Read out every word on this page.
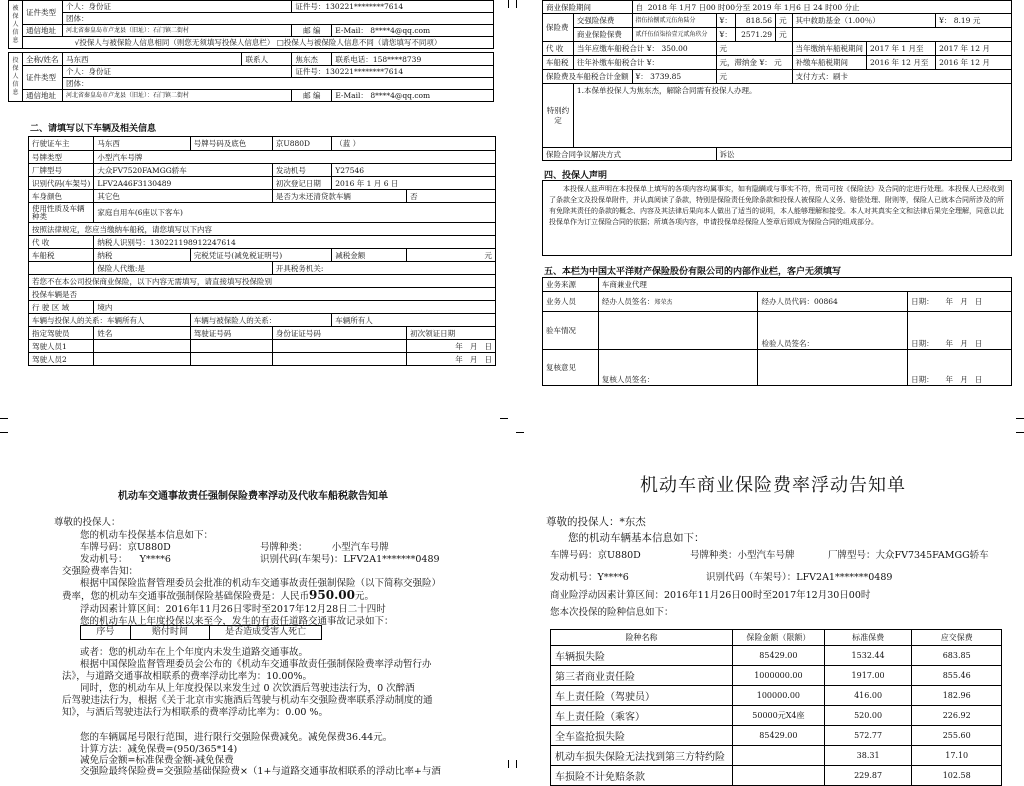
被保人信息	证件类型	个人：身份证	证件号：130221********7614	
		团体：		
	通信地址	河北省秦皇岛市卢龙县（旧址）：石门镇二街村	邮 编	E-Mail： 8****4@qq.com
	√投保人与被保险人信息相同（则您无须填写投保人信息栏） □投保人与被保险人信息不同（请您填写不同项）			
投保人信息	全称/姓名	马东西	联系人	焦东杰	联系电话：158****8739
	证件类型	个人：身份证		证件号：130221********7614	
		团体：			
	通信地址	河北省秦皇岛市卢龙县（旧址）：石门镇二街村		邮 编	E-Mail： 8****4@qq.com
二、请填写以下车辆及相关信息
行驶证车主	马东西	号牌号码及底色	京U880D	（蓝 ）	
号牌类型	小型汽车号牌				
厂牌型号	大众FV7520FAMGG轿车		发动机号	Y27546	
识别代码(车架号)	LFV2A46F3130489		初次登记日期	2016 年 1 月 6 日	
车身颜色	其它色		是否为未还清贷款车辆		否
使用性质及车辆种类	家庭自用车(6座以下客车)				
按照法律规定，您应当缴纳车船税，请您填写以下内容					
代 收	纳税人识别号：130221198912247614				
车船税	纳税	完税凭证号(减免税证明号)		减税金额	元
	保险人代缴:是		开具税务机关:		
若您不在本公司投保商业保险，以下内容无需填写，请直接填写投保险别					
投保车辆是否					
行 驶 区 域	境内				
车辆与投保人的关系：车辆所有人		车辆与被保险人的关系：		车辆所有人	
指定驾驶员	姓名	驾驶证号码	身份证证号码		初次领证日期
驾驶人员1					年 月 日
驾驶人员2					年 月 日
商业保险期间		自 2018 年 1月7 日00 时00分至 2019 年 1月6 日 24 时00 分止						
保险费	交强险保费	指伍拾捌贰元伍角陆分	¥：	818.56	元	其中救助基金（1.00％）		¥： 8.19 元
	商业保险保费	贰仟伍佰柒拾壹元贰角玖分	¥：	2571.29	元			
代 收	当年应缴车船税合计 ¥： 350.00		元			当年缴纳车船税期间	2017 年 1 月至	2017 年 12 月
车船税	往年补缴车船税合计 ¥：		元，滞纳金 ¥： 元			补缴车船税期间	2016 年 12 月至	2016 年 12 月
保险费及车船税合计金额		¥： 3739.85	元			支付方式：刷卡		
特别约定	1.本保单投保人为焦东杰，解除合同需有投保人办理。							
保险合同争议解决方式			诉讼					
四、投保人声明
本投保人兹声明在本投保单上填写的各项内容均属事实，如有隐瞒或与事实不符，贵司可按《保险法》及合同的定进行处理。本投保人已经收到了条款全文及投保单附件，并认真阅读了条款，特别是保险责任免除条款和投保人被保险人义务、赔偿处理、附则等，保险人已就本合同所涉及的所有免除其责任的条款的概念、内容及其法律后果向本人做出了适当的说明，本人能够理解和接受。本人对其真实全文和法律后果完全理解，同意以此投保单作为订立保险合同的依据；所填各项内容，申请投保单经保险人签章后即成为保险合同的组成部分。
五、本栏为中国太平洋财产保险股份有限公司的内部作业栏，客户无须填写
业务来源	车商兼业代理		
业务人员	经办人员签名：郑荣杰	经办人员代码：00864	日期： 年 月 日
验车情况		检验人员签名：	日期： 年 月 日
复核意见	复核人员签名：		日期： 年 月 日
机动车交通事故责任强制保险费率浮动及代收车船税款告知单
尊敬的投保人：
您的机动车投保基本信息如下：
车牌号码：京U880D	号牌种类：	小型汽车号牌
发动机号： Y****6	识别代码(车架号)：LFV2A1*******0489
交强险费率告知：
根据中国保险监督管理委员会批准的机动车交通事故责任强制保险（以下简称交强险）
费率，您的机动车交通事故强制保险基础保险费是：人民币950.00元。
浮动因素计算区间：2016年11月26日零时至2017年12月28日二十四时
您的机动车从上年度投保以来至今，发生的有责任道路交通事故记录如下：
序号	赔付时间	是否造成受害人死亡
或者：您的机动车在上个年度内未发生道路交通事故。
根据中国保险监督管理委员会公布的《机动车交通事故责任强制保险费率浮动暂行办
法》，与道路交通事故相联系的费率浮动比率为：10.00%。
同时，您的机动车从上年度投保以来发生过 0 次饮酒后驾驶违法行为，0 次醉酒
后驾驶违法行为，根据《关于北京市实施酒后驾驶与机动车交强险费率联系浮动制度的通
知》，与酒后驾驶违法行为相联系的费率浮动比率为：0.00 %。
您的车辆属尾号限行范围，进行限行交强险保费减免。减免保费36.44元。
计算方法：减免保费=(950/365*14)
减免后金额=标准保费金额-减免保费
交强险最终保险费=交强险基础保险费×（1+与道路交通事故相联系的浮动比率+与酒
机动车商业保险费率浮动告知单
尊敬的投保人：*东杰
您的机动车辆基本信息如下：
车牌号码：京U880D	号牌种类：小型汽车号牌	厂牌型号：大众FV7345FAMGG轿车
发动机号：Y****6	识别代码（车架号）：LFV2A1*******0489
商业险浮动因素计算区间：2016年11月26日00时至2017年12月30日00时
您本次投保的险种信息如下：
险种名称	保险金额（限额）	标准保费	应交保费
车辆损失险	85429.00	1532.44	683.85
第三者商业责任险	1000000.00	1917.00	855.46
车上责任险（驾驶员）	100000.00	416.00	182.96
车上责任险（乘客）	50000元X4座	520.00	226.92
全车盗抢损失险	85429.00	572.77	255.60
机动车损失保险无法找到第三方特约险		38.31	17.10
车损险不计免赔条款		229.87	102.58
